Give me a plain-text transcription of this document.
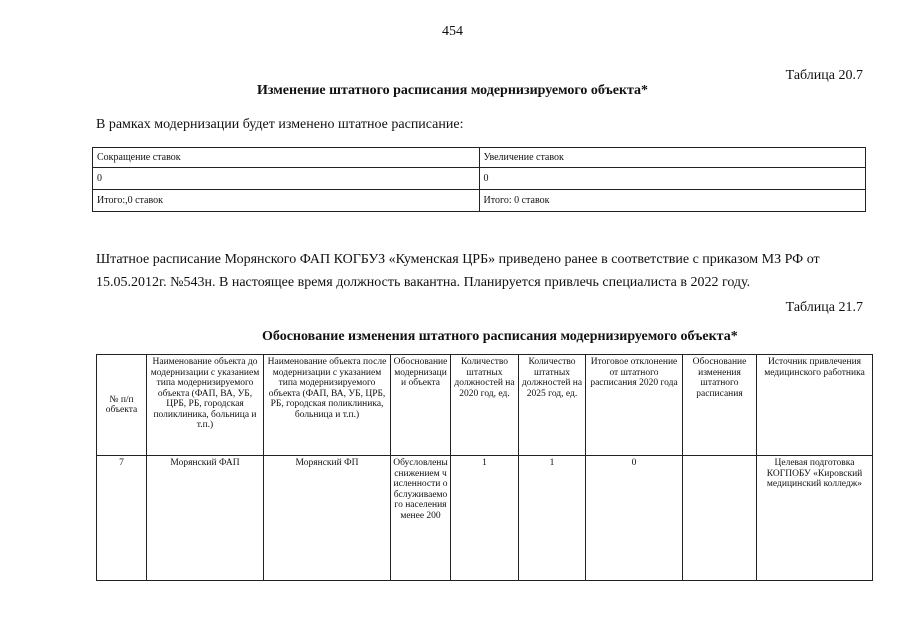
454
Таблица 20.7
Изменение штатного расписания модернизируемого объекта*
В рамках модернизации будет изменено штатное расписание:
Сокращение ставок	Увеличение ставок
0	0
Итого:,0 ставок	Итого: 0 ставок
Штатное расписание Морянского ФАП КОГБУЗ «Куменская ЦРБ» приведено ранее в соответствие с приказом МЗ РФ от 15.05.2012г. №543н. В настоящее время должность вакантна. Планируется привлечь специалиста в 2022 году.
Таблица 21.7
Обоснование изменения штатного расписания модернизируемого объекта*
№ п/п объекта	Наименование объекта до модернизации с указанием типа модернизируемого объекта (ФАП, ВА, УБ, ЦРБ, РБ, городская поликлиника, больница и т.п.)	Наименование объекта после модернизации с указанием типа модернизируемого объекта (ФАП, ВА, УБ, ЦРБ, РБ, городская поликлиника, больница и т.п.)	Обоснование модернизации объекта	Количество штатных должностей на 2020 год, ед.	Количество штатных должностей на 2025 год, ед.	Итоговое отклонение от штатного расписания 2020 года	Обоснование изменения штатного расписания	Источник привлечения медицинского работника
7	Морянский ФАП	Морянский ФП	Обусловлены снижением численности обслуживаемого населения менее 200	1	1	0		Целевая подготовка КОГПОБУ «Кировский медицинский колледж»
